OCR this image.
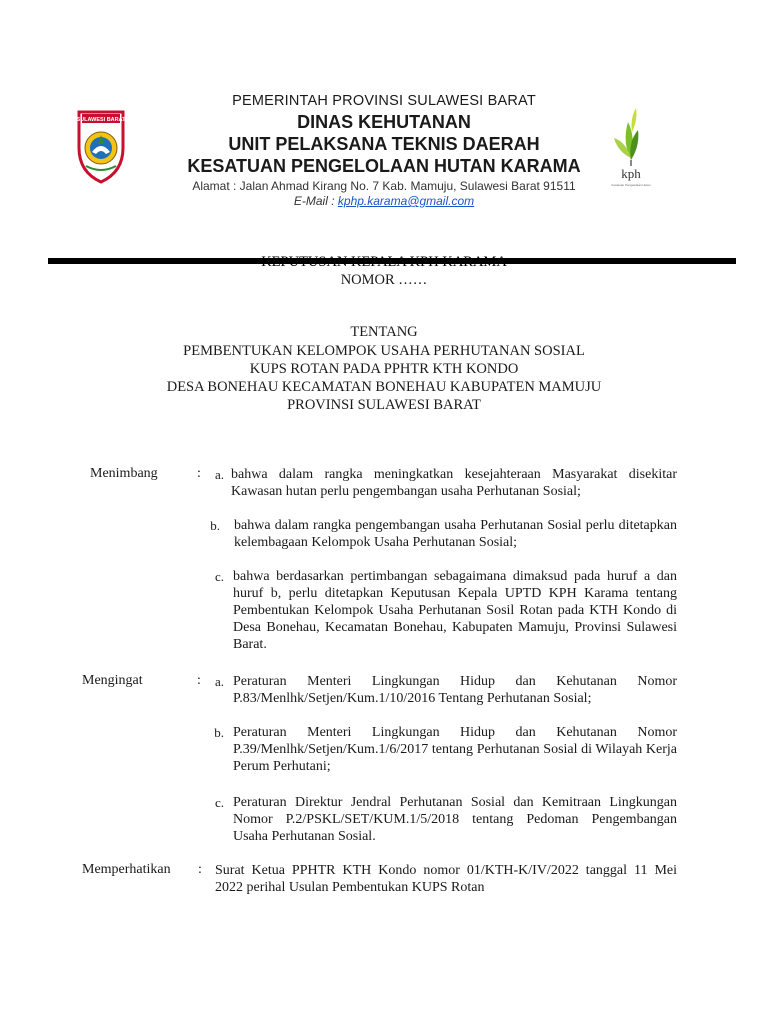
SULAWESI BARAT
kph
Kesatuan Pengelolaan Hutan
PEMERINTAH PROVINSI SULAWESI BARAT
DINAS KEHUTANAN
UNIT PELAKSANA TEKNIS DAERAH
KESATUAN PENGELOLAAN HUTAN KARAMA
Alamat : Jalan Ahmad Kirang No. 7 Kab. Mamuju, Sulawesi Barat 91511
E-Mail : kphp.karama@gmail.com
NOMOR ……
TENTANG
PEMBENTUKAN KELOMPOK USAHA PERHUTANAN SOSIAL
KUPS ROTAN PADA PPHTR KTH KONDO
DESA BONEHAU KECAMATAN BONEHAU KABUPATEN MAMUJU
PROVINSI SULAWESI BARAT
Menimbang	:	a. bahwa dalam rangka meningkatkan kesejahteraan Masyarakat disekitar Kawasan hutan perlu pengembangan usaha Perhutanan Sosial;
b. bahwa dalam rangka pengembangan usaha Perhutanan Sosial perlu ditetapkan kelembagaan Kelompok Usaha Perhutanan Sosial;
c. bahwa berdasarkan pertimbangan sebagaimana dimaksud pada huruf a dan huruf b, perlu ditetapkan Keputusan Kepala UPTD KPH Karama tentang Pembentukan Kelompok Usaha Perhutanan Sosil Rotan pada KTH Kondo di Desa Bonehau, Kecamatan Bonehau, Kabupaten Mamuju, Provinsi Sulawesi Barat.
Mengingat	:	a. Peraturan Menteri Lingkungan Hidup dan Kehutanan Nomor P.83/Menlhk/Setjen/Kum.1/10/2016 Tentang Perhutanan Sosial;
b. Peraturan Menteri Lingkungan Hidup dan Kehutanan Nomor P.39/Menlhk/Setjen/Kum.1/6/2017 tentang Perhutanan Sosial di Wilayah Kerja Perum Perhutani;
c. Peraturan Direktur Jendral Perhutanan Sosial dan Kemitraan Lingkungan Nomor P.2/PSKL/SET/KUM.1/5/2018 tentang Pedoman Pengembangan Usaha Perhutanan Sosial.
Memperhatikan : Surat Ketua PPHTR KTH Kondo nomor 01/KTH-K/IV/2022 tanggal 11 Mei 2022 perihal Usulan Pembentukan KUPS Rotan
